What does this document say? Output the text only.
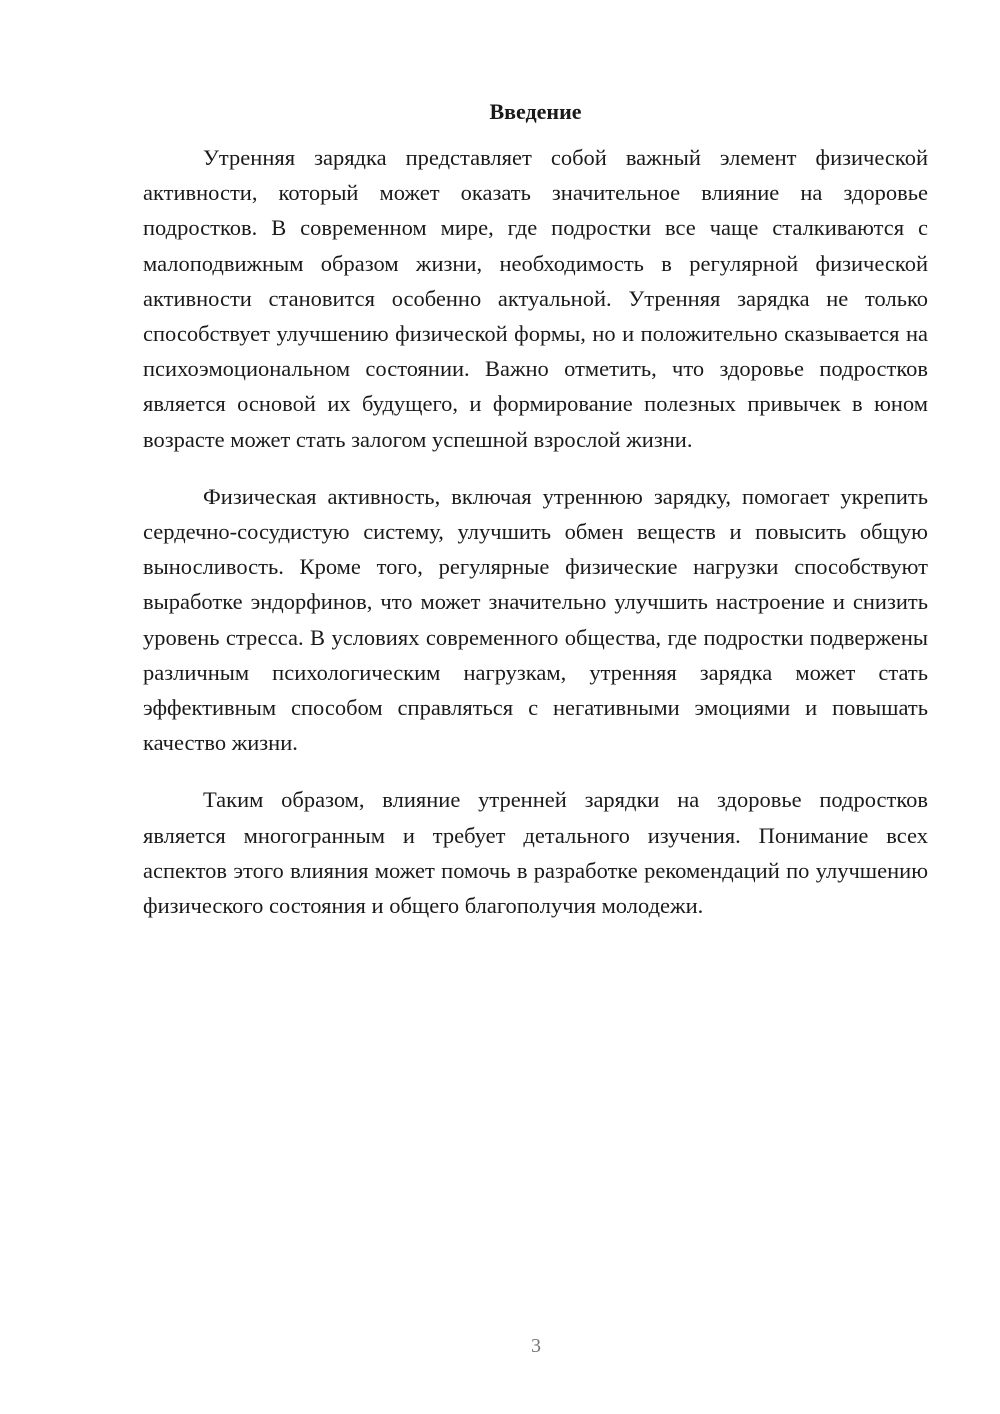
Введение

Утренняя зарядка представляет собой важный элемент физической активности, который может оказать значительное влияние на здоровье подростков. В современном мире, где подростки все чаще сталкиваются с малоподвижным образом жизни, необходимость в регулярной физической активности становится особенно актуальной. Утренняя зарядка не только способствует улучшению физической формы, но и положительно сказывается на психоэмоциональном состоянии. Важно отметить, что здоровье подростков является основой их будущего, и формирование полезных привычек в юном возрасте может стать залогом успешной взрослой жизни.

Физическая активность, включая утреннюю зарядку, помогает укрепить сердечно-сосудистую систему, улучшить обмен веществ и повысить общую выносливость. Кроме того, регулярные физические нагрузки способствуют выработке эндорфинов, что может значительно улучшить настроение и снизить уровень стресса. В условиях современного общества, где подростки подвержены различным психологическим нагрузкам, утренняя зарядка может стать эффективным способом справляться с негативными эмоциями и повышать качество жизни.

Таким образом, влияние утренней зарядки на здоровье подростков является многогранным и требует детального изучения. Понимание всех аспектов этого влияния может помочь в разработке рекомендаций по улучшению физического состояния и общего благополучия молодежи.

3
